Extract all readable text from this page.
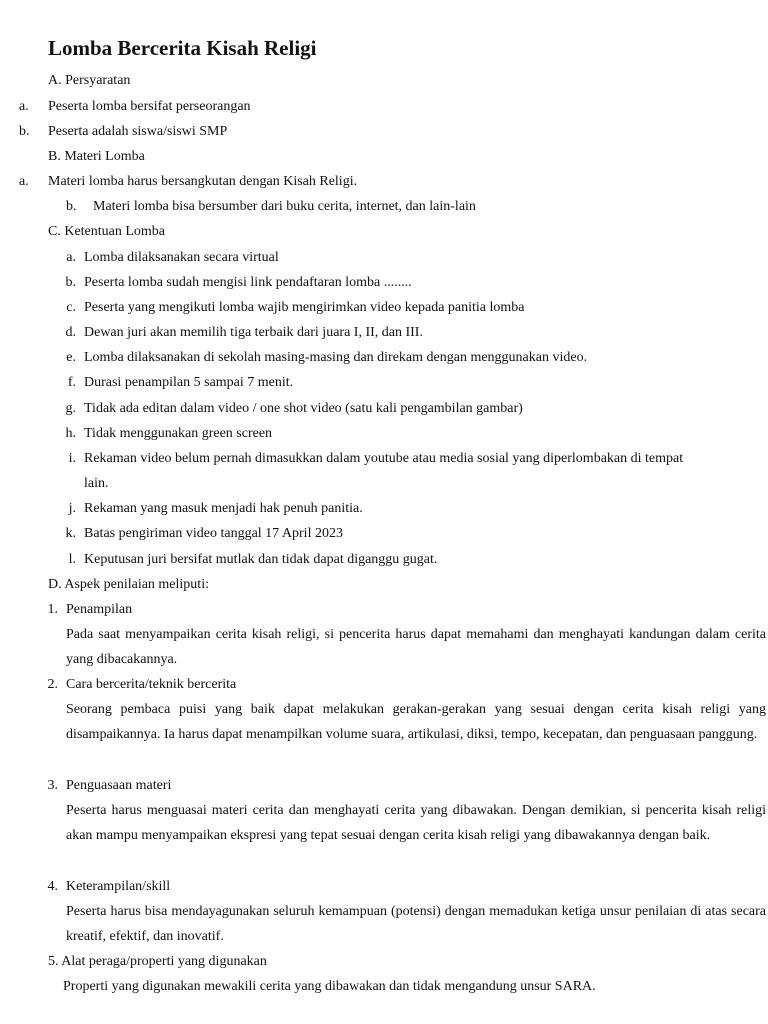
Lomba Bercerita Kisah Religi
A. Persyaratan
a. Peserta lomba bersifat perseorangan
b. Peserta adalah siswa/siswi SMP
B. Materi Lomba
a. Materi lomba harus bersangkutan dengan Kisah Religi.
b. Materi lomba bisa bersumber dari buku cerita, internet, dan lain-lain
C. Ketentuan Lomba
a. Lomba dilaksanakan secara virtual
b. Peserta lomba sudah mengisi link pendaftaran lomba ........
c. Peserta yang mengikuti lomba wajib mengirimkan video kepada panitia lomba
d. Dewan juri akan memilih tiga terbaik dari juara I, II, dan III.
e. Lomba dilaksanakan di sekolah masing-masing dan direkam dengan menggunakan video.
f. Durasi penampilan 5 sampai 7 menit.
g. Tidak ada editan dalam video / one shot video (satu kali pengambilan gambar)
h. Tidak menggunakan green screen
i. Rekaman video belum pernah dimasukkan dalam youtube atau media sosial yang diperlombakan di tempat
lain.
j. Rekaman yang masuk menjadi hak penuh panitia.
k. Batas pengiriman video tanggal 17 April 2023
l. Keputusan juri bersifat mutlak dan tidak dapat diganggu gugat.
D. Aspek penilaian meliputi:
1. Penampilan

Pada saat menyampaikan cerita kisah religi, si pencerita harus dapat memahami dan menghayati kandungan dalam cerita yang dibacakannya.

2. Cara bercerita/teknik bercerita

Seorang pembaca puisi yang baik dapat melakukan gerakan-gerakan yang sesuai dengan cerita kisah religi yang disampaikannya. Ia harus dapat menampilkan volume suara, artikulasi, diksi, tempo, kecepatan, dan penguasaan panggung.

3. Penguasaan materi

Peserta harus menguasai materi cerita dan menghayati cerita yang dibawakan. Dengan demikian, si pencerita kisah religi akan mampu menyampaikan ekspresi yang tepat sesuai dengan cerita kisah religi yang dibawakannya dengan baik.

4. Keterampilan/skill

Peserta harus bisa mendayagunakan seluruh kemampuan (potensi) dengan memadukan ketiga unsur penilaian di atas secara kreatif, efektif, dan inovatif.

5. Alat peraga/properti yang digunakan

Properti yang digunakan mewakili cerita yang dibawakan dan tidak mengandung unsur SARA.
